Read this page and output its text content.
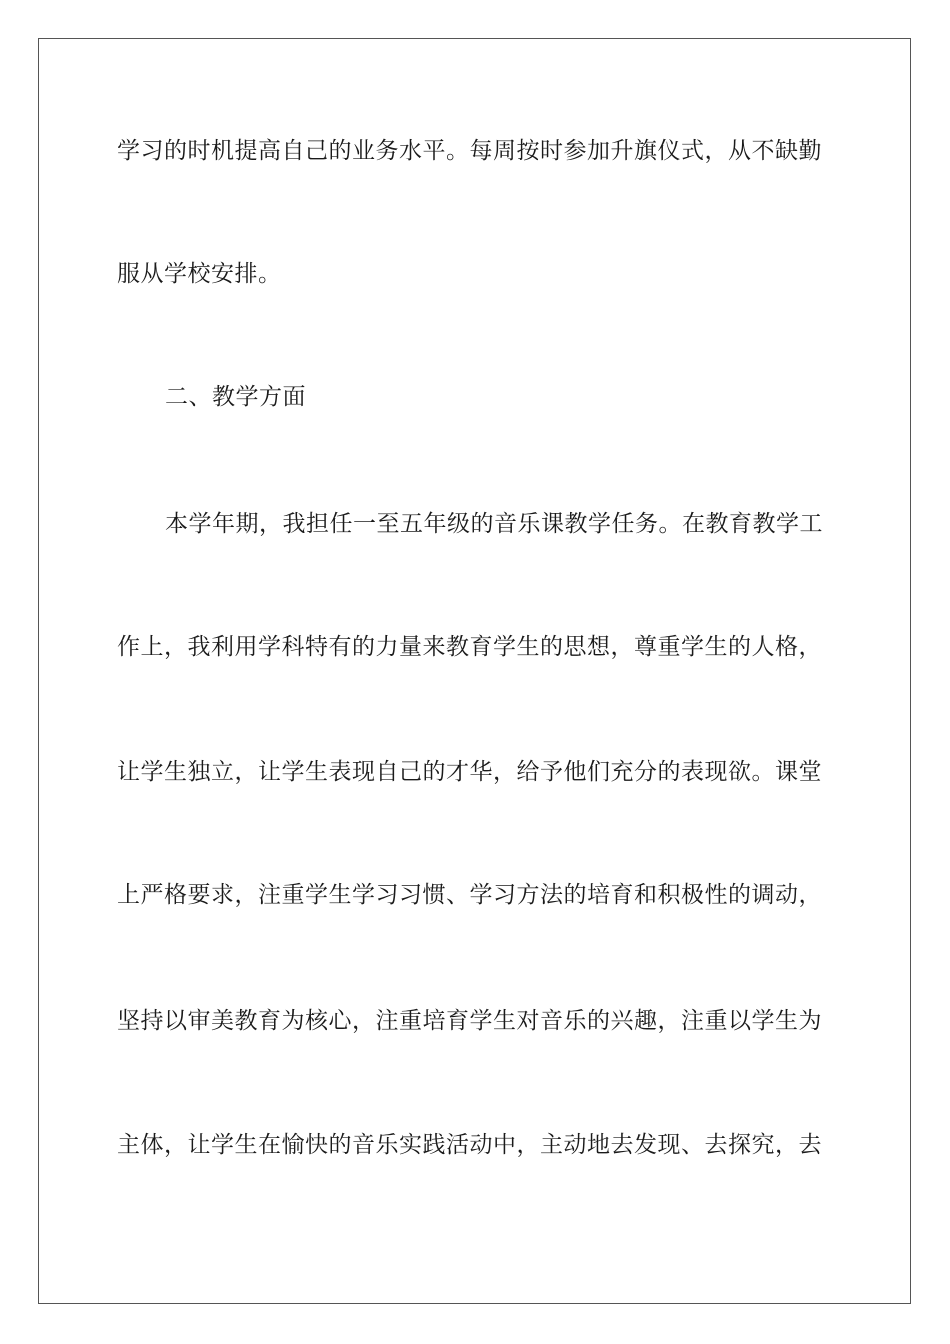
学习的时机提高自己的业务水平。每周按时参加升旗仪式，从不缺勤
服从学校安排。
二、教学方面
本学年期，我担任一至五年级的音乐课教学任务。在教育教学工
作上，我利用学科特有的力量来教育学生的思想，尊重学生的人格，
让学生独立，让学生表现自己的才华，给予他们充分的表现欲。课堂
上严格要求，注重学生学习习惯、学习方法的培育和积极性的调动，
坚持以审美教育为核心，注重培育学生对音乐的兴趣，注重以学生为
主体，让学生在愉快的音乐实践活动中，主动地去发现、去探究，去
